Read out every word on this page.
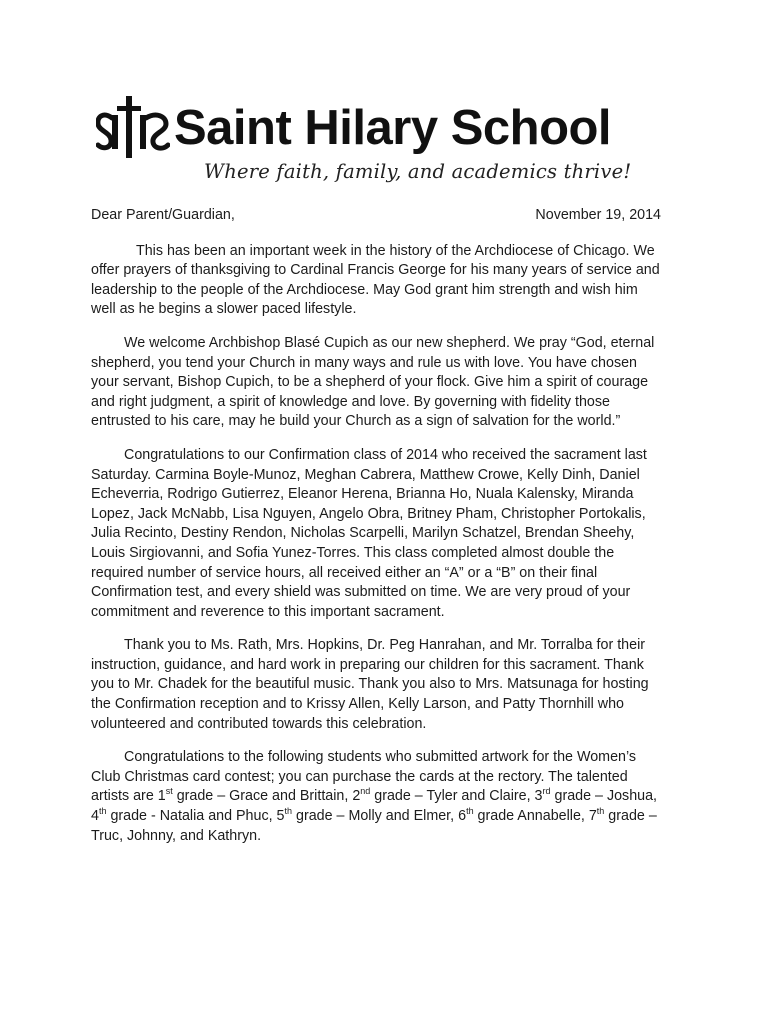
Saint Hilary School
Where faith, family, and academics thrive!
Dear Parent/Guardian,	November 19, 2014

This has been an important week in the history of the Archdiocese of Chicago. We offer prayers of thanksgiving to Cardinal Francis George for his many years of service and leadership to the people of the Archdiocese. May God grant him strength and wish him well as he begins a slower paced lifestyle.

We welcome Archbishop Blasé Cupich as our new shepherd. We pray “God, eternal shepherd, you tend your Church in many ways and rule us with love. You have chosen your servant, Bishop Cupich, to be a shepherd of your flock. Give him a spirit of courage and right judgment, a spirit of knowledge and love. By governing with fidelity those entrusted to his care, may he build your Church as a sign of salvation for the world.”

Congratulations to our Confirmation class of 2014 who received the sacrament last Saturday. Carmina Boyle-Munoz, Meghan Cabrera, Matthew Crowe, Kelly Dinh, Daniel Echeverria, Rodrigo Gutierrez, Eleanor Herena, Brianna Ho, Nuala Kalensky, Miranda Lopez, Jack McNabb, Lisa Nguyen, Angelo Obra, Britney Pham, Christopher Portokalis, Julia Recinto, Destiny Rendon, Nicholas Scarpelli, Marilyn Schatzel, Brendan Sheehy, Louis Sirgiovanni, and Sofia Yunez-Torres. This class completed almost double the required number of service hours, all received either an “A” or a “B” on their final Confirmation test, and every shield was submitted on time. We are very proud of your commitment and reverence to this important sacrament.

Thank you to Ms. Rath, Mrs. Hopkins, Dr. Peg Hanrahan, and Mr. Torralba for their instruction, guidance, and hard work in preparing our children for this sacrament. Thank you to Mr. Chadek for the beautiful music. Thank you also to Mrs. Matsunaga for hosting the Confirmation reception and to Krissy Allen, Kelly Larson, and Patty Thornhill who volunteered and contributed towards this celebration.

Congratulations to the following students who submitted artwork for the Women’s Club Christmas card contest; you can purchase the cards at the rectory. The talented artists are 1st grade – Grace and Brittain, 2nd grade – Tyler and Claire, 3rd grade – Joshua, 4th grade - Natalia and Phuc, 5th grade – Molly and Elmer, 6th grade Annabelle, 7th grade – Truc, Johnny, and Kathryn.
